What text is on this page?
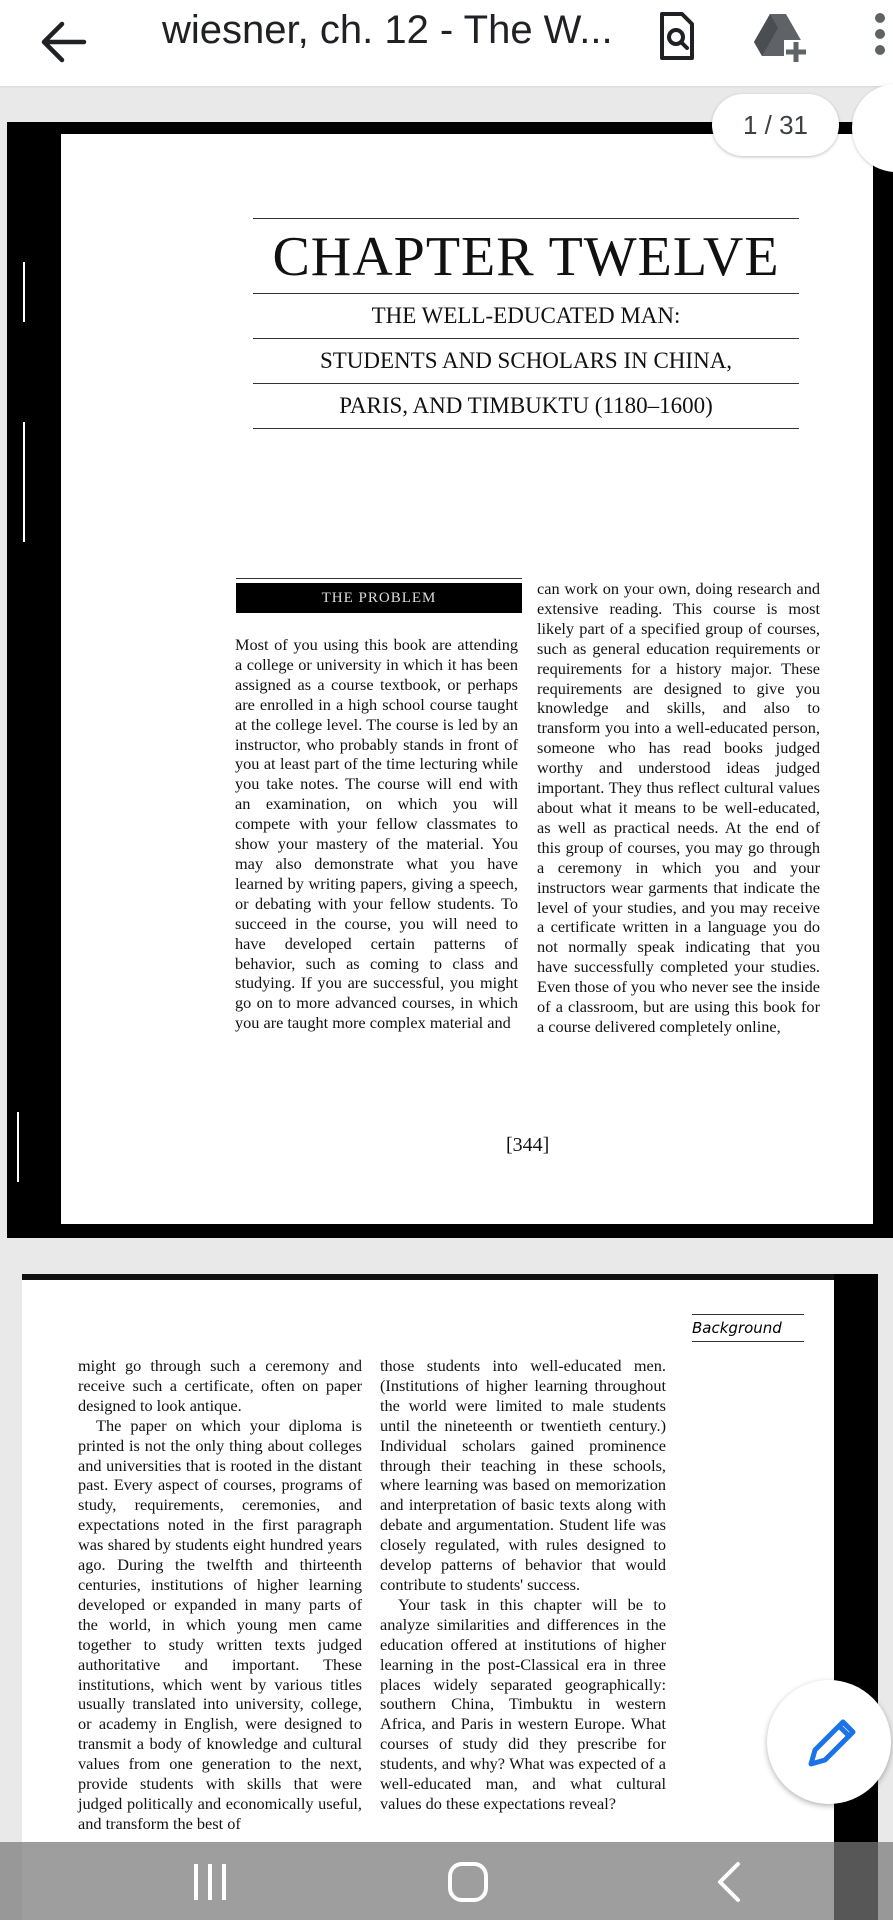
wiesner, ch. 12 - The W...
CHAPTER TWELVE
THE WELL-EDUCATED MAN:
STUDENTS AND SCHOLARS IN CHINA,
PARIS, AND TIMBUKTU (1180–1600)
THE PROBLEM

Most of you using this book are attending a college or university in which it has been assigned as a course textbook, or perhaps are enrolled in a high school course taught at the college level. The course is led by an instructor, who probably stands in front of you at least part of the time lecturing while you take notes. The course will end with an examination, on which you will compete with your fellow classmates to show your mastery of the material. You may also demonstrate what you have learned by writing papers, giving a speech, or debating with your fellow students. To succeed in the course, you will need to have developed certain patterns of behavior, such as coming to class and studying. If you are successful, you might go on to more advanced courses, in which you are taught more complex material and

can work on your own, doing research and extensive reading. This course is most likely part of a specified group of courses, such as general education requirements or requirements for a history major. These requirements are designed to give you knowledge and skills, and also to transform you into a well-educated person, someone who has read books judged worthy and understood ideas judged important. They thus reflect cultural values about what it means to be well-educated, as well as practical needs. At the end of this group of courses, you may go through a ceremony in which you and your instructors wear garments that indicate the level of your studies, and you may receive a certificate written in a language you do not normally speak indicating that you have successfully completed your studies. Even those of you who never see the inside of a classroom, but are using this book for a course delivered completely online,

[344]
1 / 31
Background

might go through such a ceremony and receive such a certificate, often on paper designed to look antique.

The paper on which your diploma is printed is not the only thing about colleges and universities that is rooted in the distant past. Every aspect of courses, programs of study, requirements, ceremonies, and expectations noted in the first paragraph was shared by students eight hundred years ago. During the twelfth and thirteenth centuries, institutions of higher learning developed or expanded in many parts of the world, in which young men came together to study written texts judged authoritative and important. These institutions, which went by various titles usually translated into university, college, or academy in English, were designed to transmit a body of knowledge and cultural values from one generation to the next, provide students with skills that were judged politically and economically useful, and transform the best of

those students into well-educated men. (Institutions of higher learning throughout the world were limited to male students until the nineteenth or twentieth century.) Individual scholars gained prominence through their teaching in these schools, where learning was based on memorization and interpretation of basic texts along with debate and argumentation. Student life was closely regulated, with rules designed to develop patterns of behavior that would contribute to students' success.

Your task in this chapter will be to analyze similarities and differences in the education offered at institutions of higher learning in the post-Classical era in three places widely separated geographically: southern China, Timbuktu in western Africa, and Paris in western Europe. What courses of study did they prescribe for students, and why? What was expected of a well-educated man, and what cultural values do these expectations reveal?
